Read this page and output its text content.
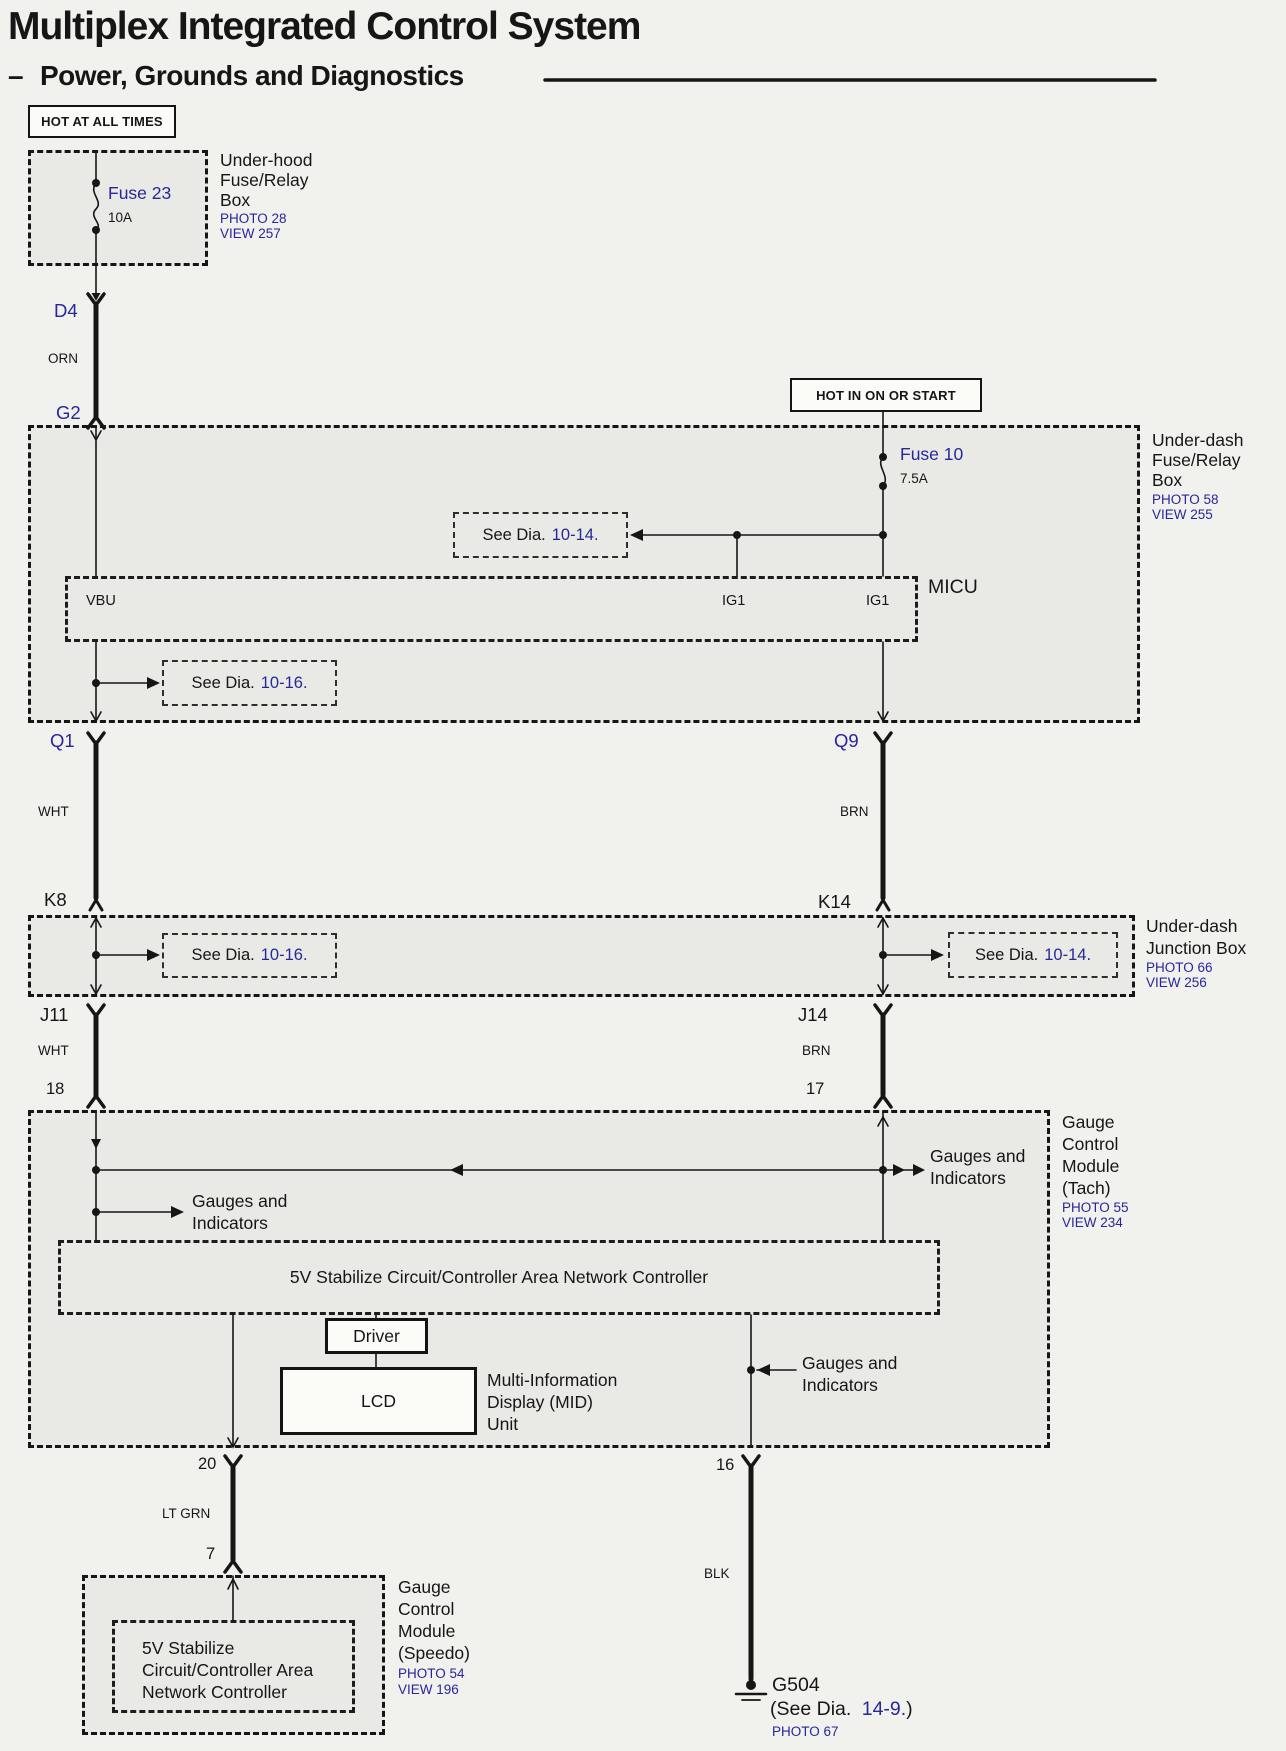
Multiplex Integrated Control System
– Power, Grounds and Diagnostics
HOT AT ALL TIMES
HOT IN ON OR START
Fuse 23
10A
Under-hood
Fuse/Relay
Box
PHOTO 28
VIEW 257
D4
ORN
G2
Under-dash
Fuse/Relay
Box
PHOTO 58
VIEW 255
Fuse 10
7.5A
See Dia. 10-14.
MICU
VBU	IG1	IG1
See Dia. 10-16.
Q1	Q9
WHT	BRN
K8	K14
See Dia. 10-16.	See Dia. 10-14.
Under-dash
Junction Box
PHOTO 66
VIEW 256
J11	J14
WHT	BRN
18	17
Gauge
Control
Module
(Tach)
PHOTO 55
VIEW 234
Gauges and
Indicators
Gauges and
Indicators
5V Stabilize Circuit/Controller Area Network Controller
Driver
LCD
Multi-Information
Display (MID)
Unit
Gauges and
Indicators
20	16
LT GRN
7
BLK
5V Stabilize
Circuit/Controller Area
Network Controller
Gauge
Control
Module
(Speedo)
PHOTO 54
VIEW 196	G504
(See Dia. 14-9.)
PHOTO 67
